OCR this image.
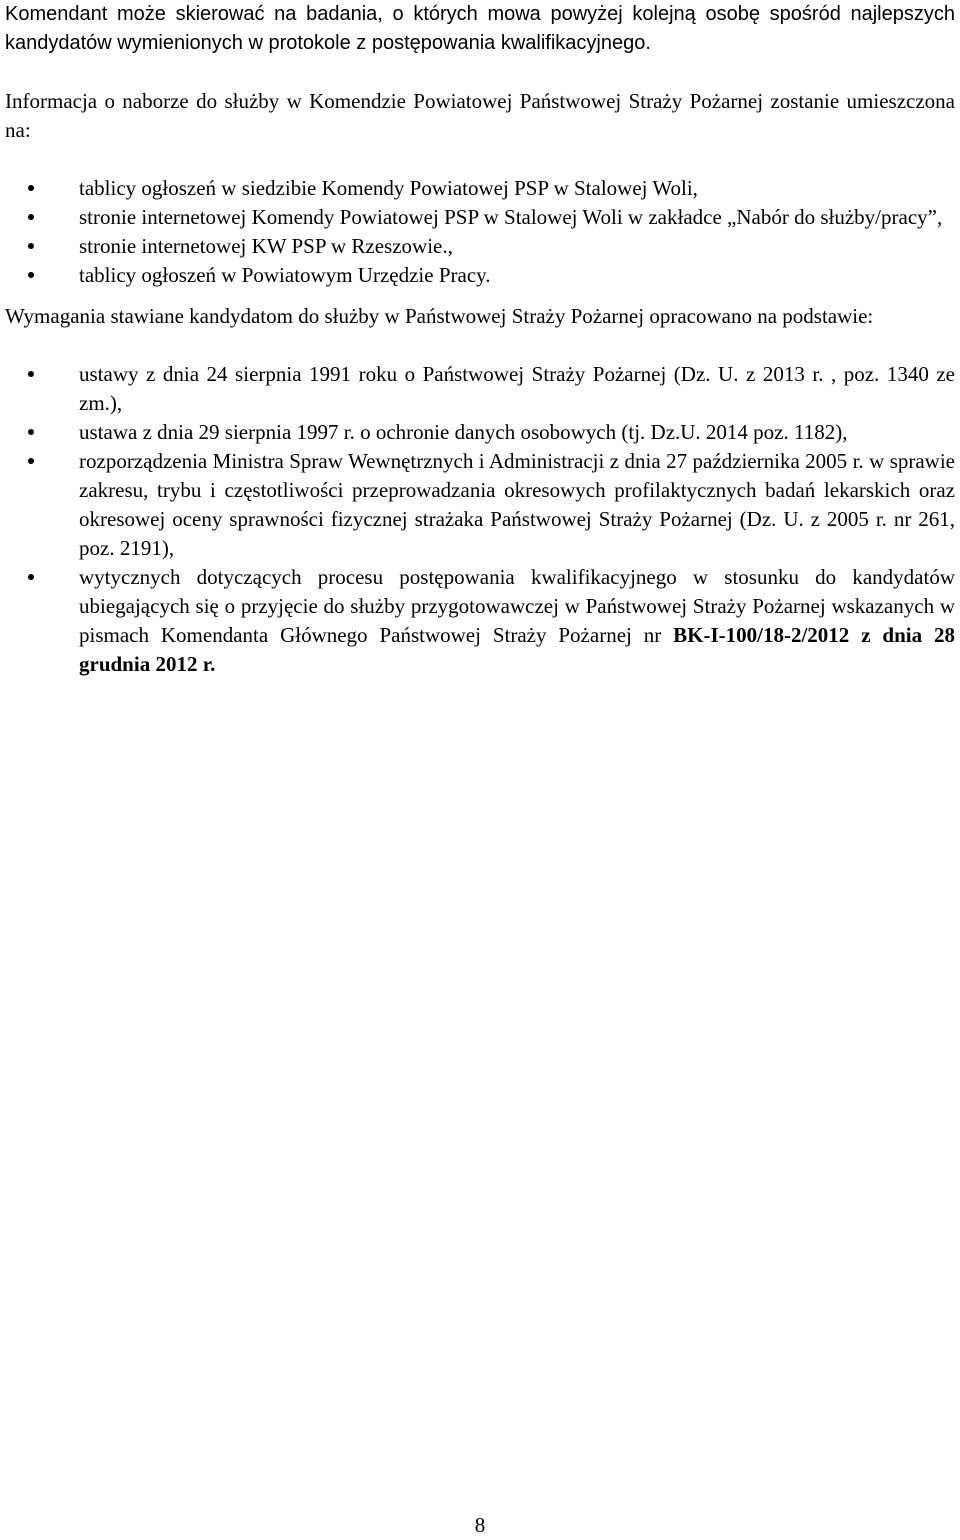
Komendant może skierować na badania, o których mowa powyżej kolejną osobę spośród najlepszych kandydatów wymienionych w protokole z postępowania kwalifikacyjnego.

Informacja o naborze do służby w Komendzie Powiatowej Państwowej Straży Pożarnej zostanie umieszczona na:

tablicy ogłoszeń w siedzibie Komendy Powiatowej PSP w Stalowej Woli,
stronie internetowej Komendy Powiatowej PSP w Stalowej Woli w zakładce „Nabór do służby/pracy”,
stronie internetowej KW PSP w Rzeszowie.,
tablicy ogłoszeń w Powiatowym Urzędzie Pracy.

Wymagania stawiane kandydatom do służby w Państwowej Straży Pożarnej opracowano na podstawie:

ustawy z dnia 24 sierpnia 1991 roku o Państwowej Straży Pożarnej (Dz. U. z 2013 r. , poz. 1340 ze zm.),
ustawa z dnia 29 sierpnia 1997 r. o ochronie danych osobowych (tj. Dz.U. 2014 poz. 1182),
rozporządzenia Ministra Spraw Wewnętrznych i Administracji z dnia 27 października 2005 r. w sprawie zakresu, trybu i częstotliwości przeprowadzania okresowych profilaktycznych badań lekarskich oraz okresowej oceny sprawności fizycznej strażaka Państwowej Straży Pożarnej (Dz. U. z 2005 r. nr 261, poz. 2191),
wytycznych dotyczących procesu postępowania kwalifikacyjnego w stosunku do kandydatów ubiegających się o przyjęcie do służby przygotowawczej w Państwowej Straży Pożarnej wskazanych w pismach Komendanta Głównego Państwowej Straży Pożarnej nr BK-I-100/18-2/2012 z dnia 28 grudnia 2012 r.
8
